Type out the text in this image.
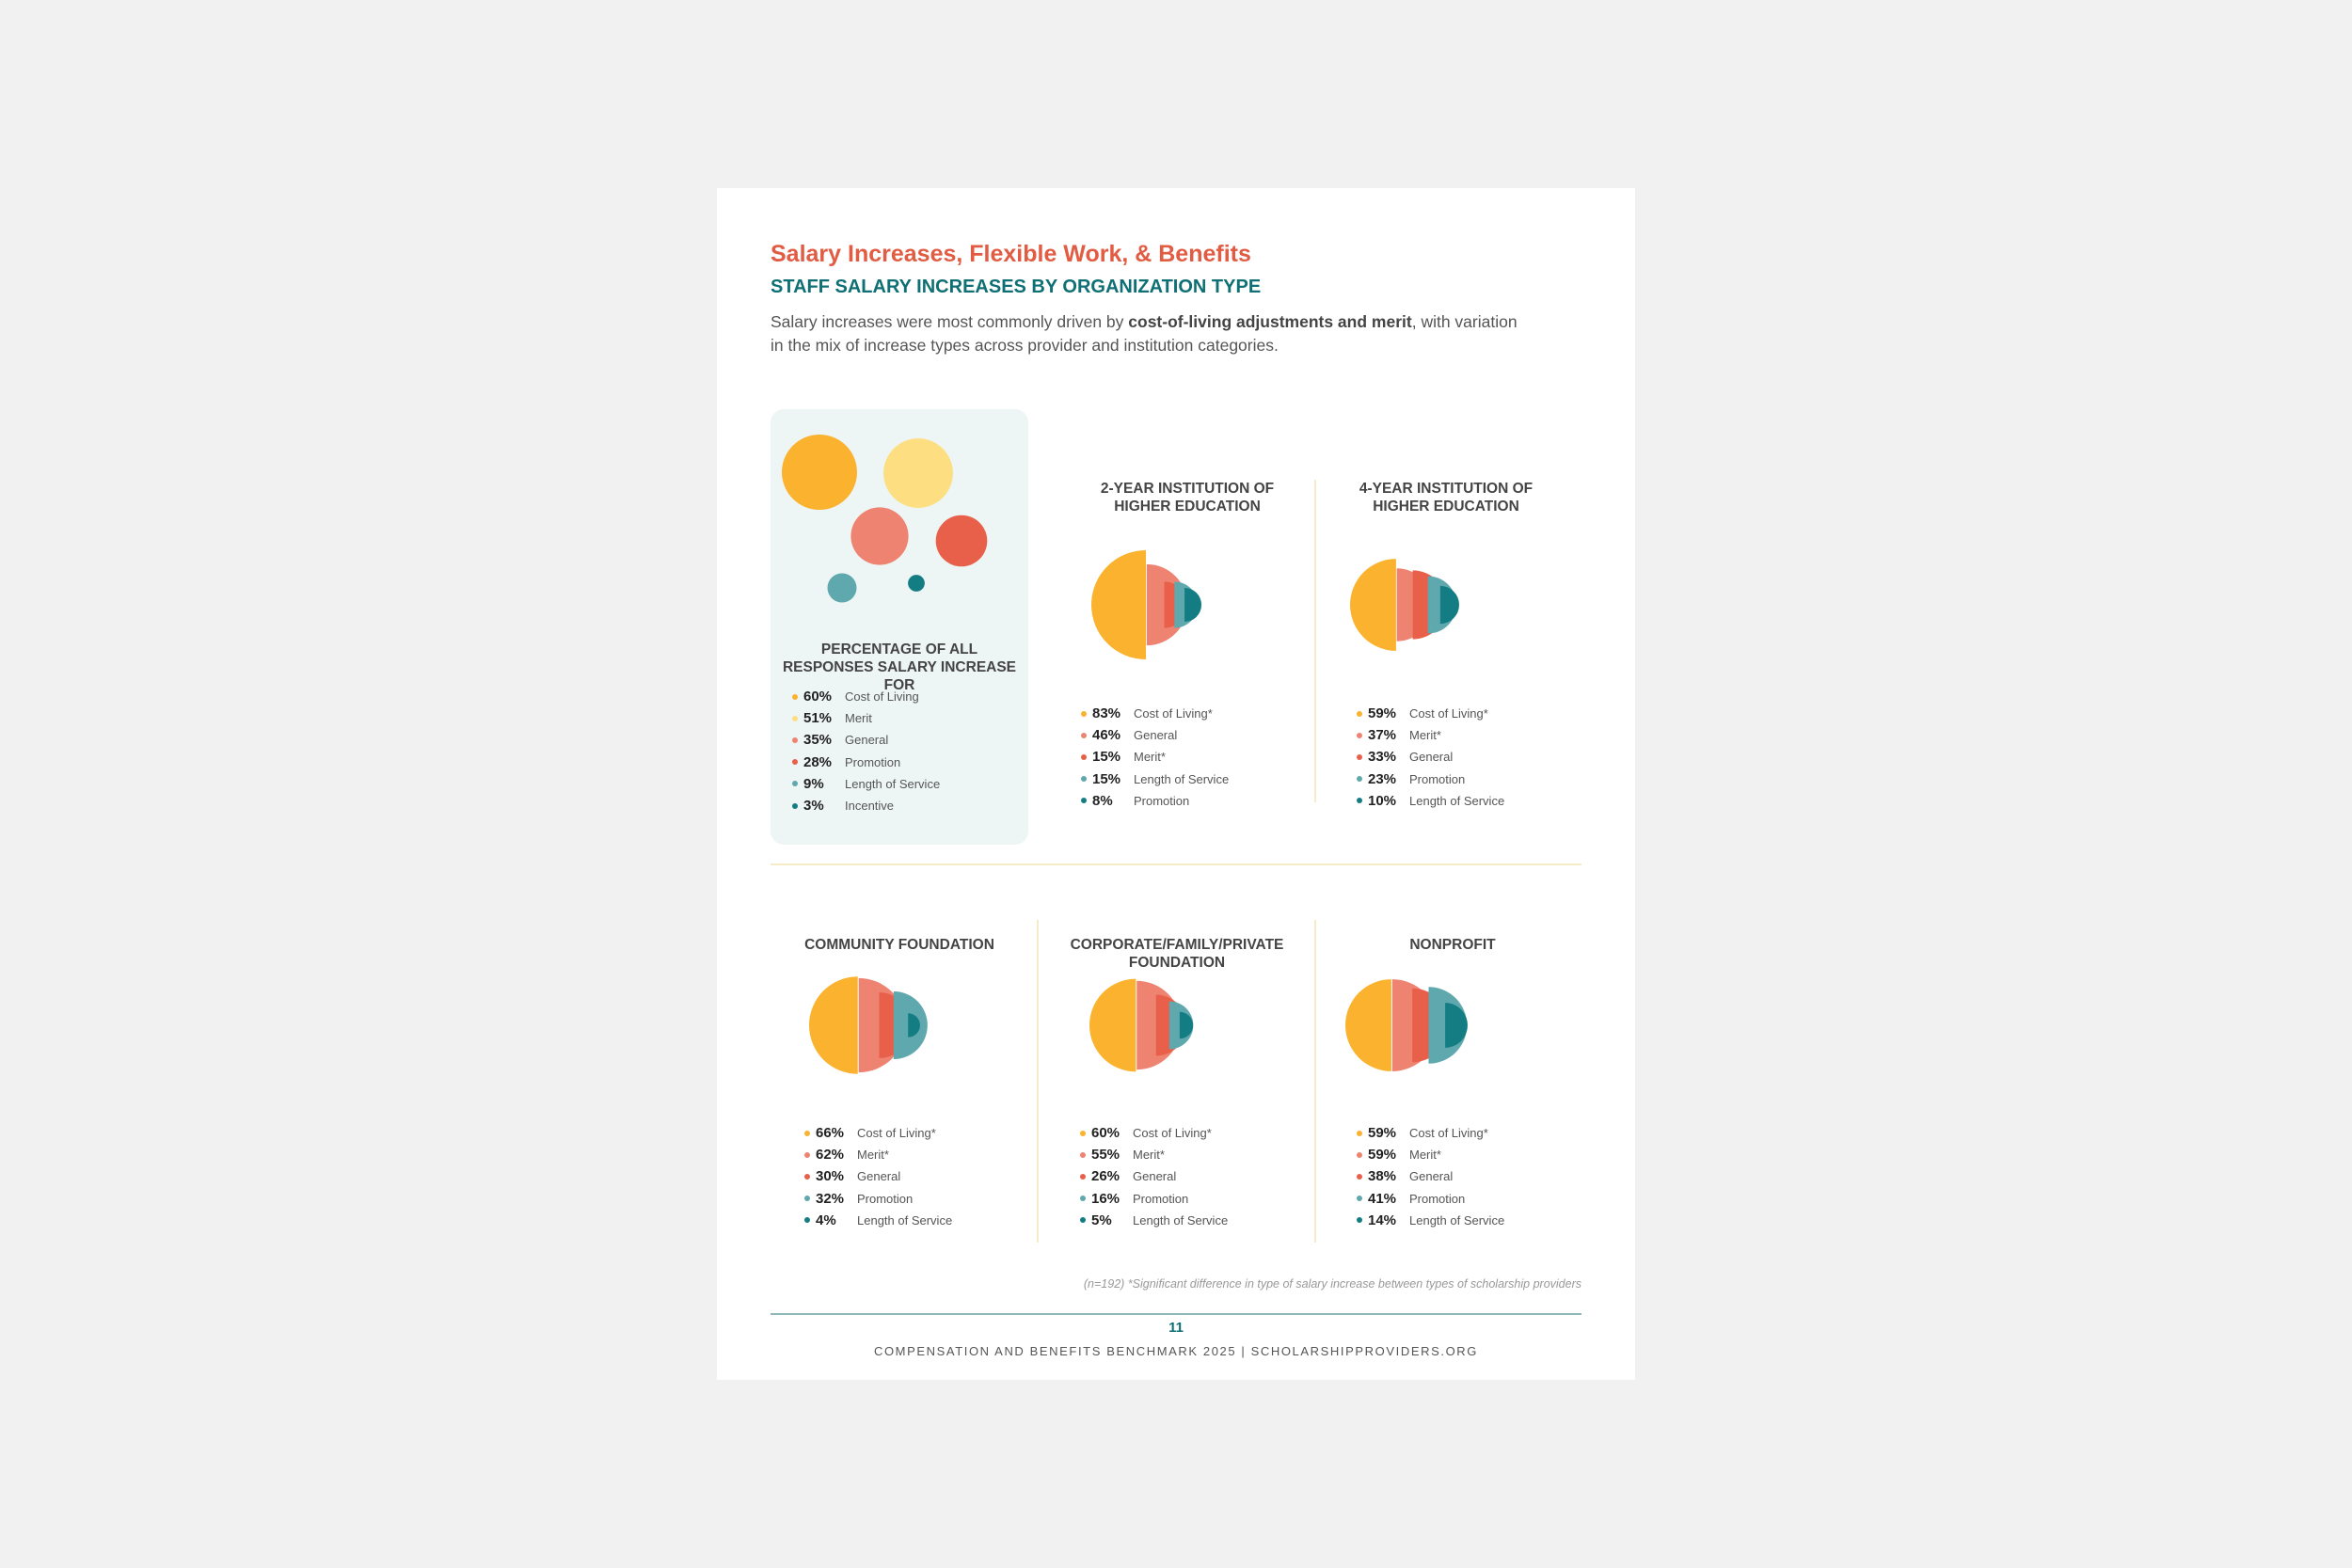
Salary Increases, Flexible Work, & Benefits
STAFF SALARY INCREASES BY ORGANIZATION TYPE
Salary increases were most commonly driven by cost-of-living adjustments and merit, with variation in the mix of increase types across provider and institution categories.
PERCENTAGE OF ALL RESPONSES SALARY INCREASE FOR
60%	Cost of Living
51%	Merit
35%	General
28%	Promotion
9%	Length of Service
3%	Incentive
2-YEAR INSTITUTION OF HIGHER EDUCATION
83%	Cost of Living*
46%	General
15%	Merit*
15%	Length of Service
8%	Promotion
4-YEAR INSTITUTION OF HIGHER EDUCATION
59%	Cost of Living*
37%	Merit*
33%	General
23%	Promotion
10%	Length of Service
COMMUNITY FOUNDATION
66%	Cost of Living*
62%	Merit*
30%	General
32%	Promotion
4%	Length of Service
CORPORATE/FAMILY/PRIVATE FOUNDATION
60%	Cost of Living*
55%	Merit*
26%	General
16%	Promotion
5%	Length of Service
NONPROFIT
59%	Cost of Living*
59%	Merit*
38%	General
41%	Promotion
14%	Length of Service
(n=192) *Significant difference in type of salary increase between types of scholarship providers
11
COMPENSATION AND BENEFITS BENCHMARK 2025 | SCHOLARSHIPPROVIDERS.ORG
